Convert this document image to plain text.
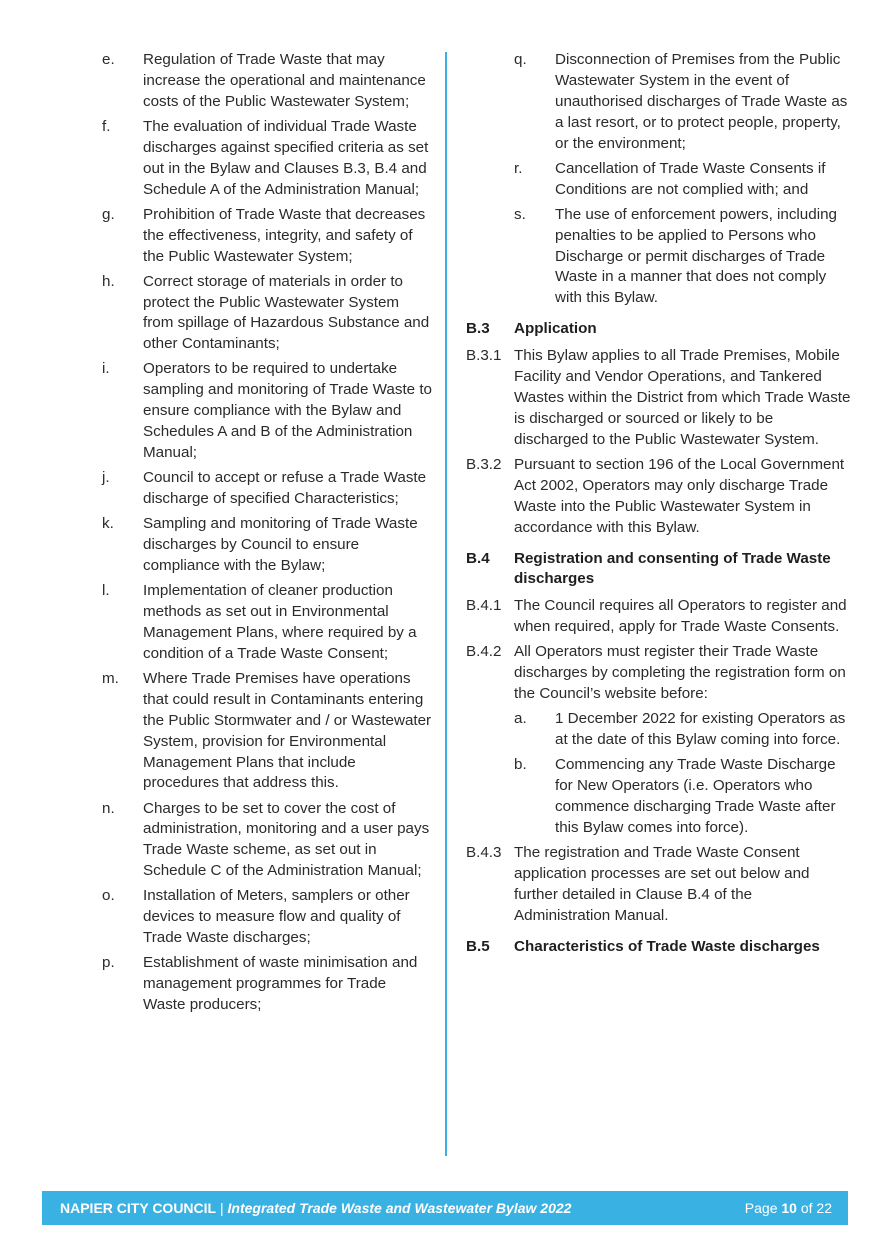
e.	Regulation of Trade Waste that may increase the operational and maintenance costs of the Public Wastewater System;
f.	The evaluation of individual Trade Waste discharges against specified criteria as set out in the Bylaw and Clauses B.3, B.4 and Schedule A of the Administration Manual;
g.	Prohibition of Trade Waste that decreases the effectiveness, integrity, and safety of the Public Wastewater System;
h.	Correct storage of materials in order to protect the Public Wastewater System from spillage of Hazardous Substance and other Contaminants;
i.	Operators to be required to undertake sampling and monitoring of Trade Waste to ensure compliance with the Bylaw and Schedules A and B of the Administration Manual;
j.	Council to accept or refuse a Trade Waste discharge of specified Characteristics;
k.	Sampling and monitoring of Trade Waste discharges by Council to ensure compliance with the Bylaw;
l.	Implementation of cleaner production methods as set out in Environmental Management Plans, where required by a condition of a Trade Waste Consent;
m.	Where Trade Premises have operations that could result in Contaminants entering the Public Stormwater and / or Wastewater System, provision for Environmental Management Plans that include procedures that address this.
n.	Charges to be set to cover the cost of administration, monitoring and a user pays Trade Waste scheme, as set out in Schedule C of the Administration Manual;
o.	Installation of Meters, samplers or other devices to measure flow and quality of Trade Waste discharges;
p.	Establishment of waste minimisation and management programmes for Trade Waste producers;
q.	Disconnection of Premises from the Public Wastewater System in the event of unauthorised discharges of Trade Waste as a last resort, or to protect people, property, or the environment;
r.	Cancellation of Trade Waste Consents if Conditions are not complied with; and
s.	The use of enforcement powers, including penalties to be applied to Persons who Discharge or permit discharges of Trade Waste in a manner that does not comply with this Bylaw.
B.3	Application
B.3.1 This Bylaw applies to all Trade Premises, Mobile Facility and Vendor Operations, and Tankered Wastes within the District from which Trade Waste is discharged or sourced or likely to be discharged to the Public Wastewater System.
B.3.2 Pursuant to section 196 of the Local Government Act 2002, Operators may only discharge Trade Waste into the Public Wastewater System in accordance with this Bylaw.
B.4	Registration and consenting of Trade Waste discharges
B.4.1 The Council requires all Operators to register and when required, apply for Trade Waste Consents.
B.4.2 All Operators must register their Trade Waste discharges by completing the registration form on the Council’s website before:
a.	1 December 2022 for existing Operators as at the date of this Bylaw coming into force.
b.	Commencing any Trade Waste Discharge for New Operators (i.e. Operators who commence discharging Trade Waste after this Bylaw comes into force).
B.4.3 The registration and Trade Waste Consent application processes are set out below and further detailed in Clause B.4 of the Administration Manual.
B.5	Characteristics of Trade Waste discharges
NAPIER CITY COUNCIL | Integrated Trade Waste and Wastewater Bylaw 2022	Page 10 of 22
